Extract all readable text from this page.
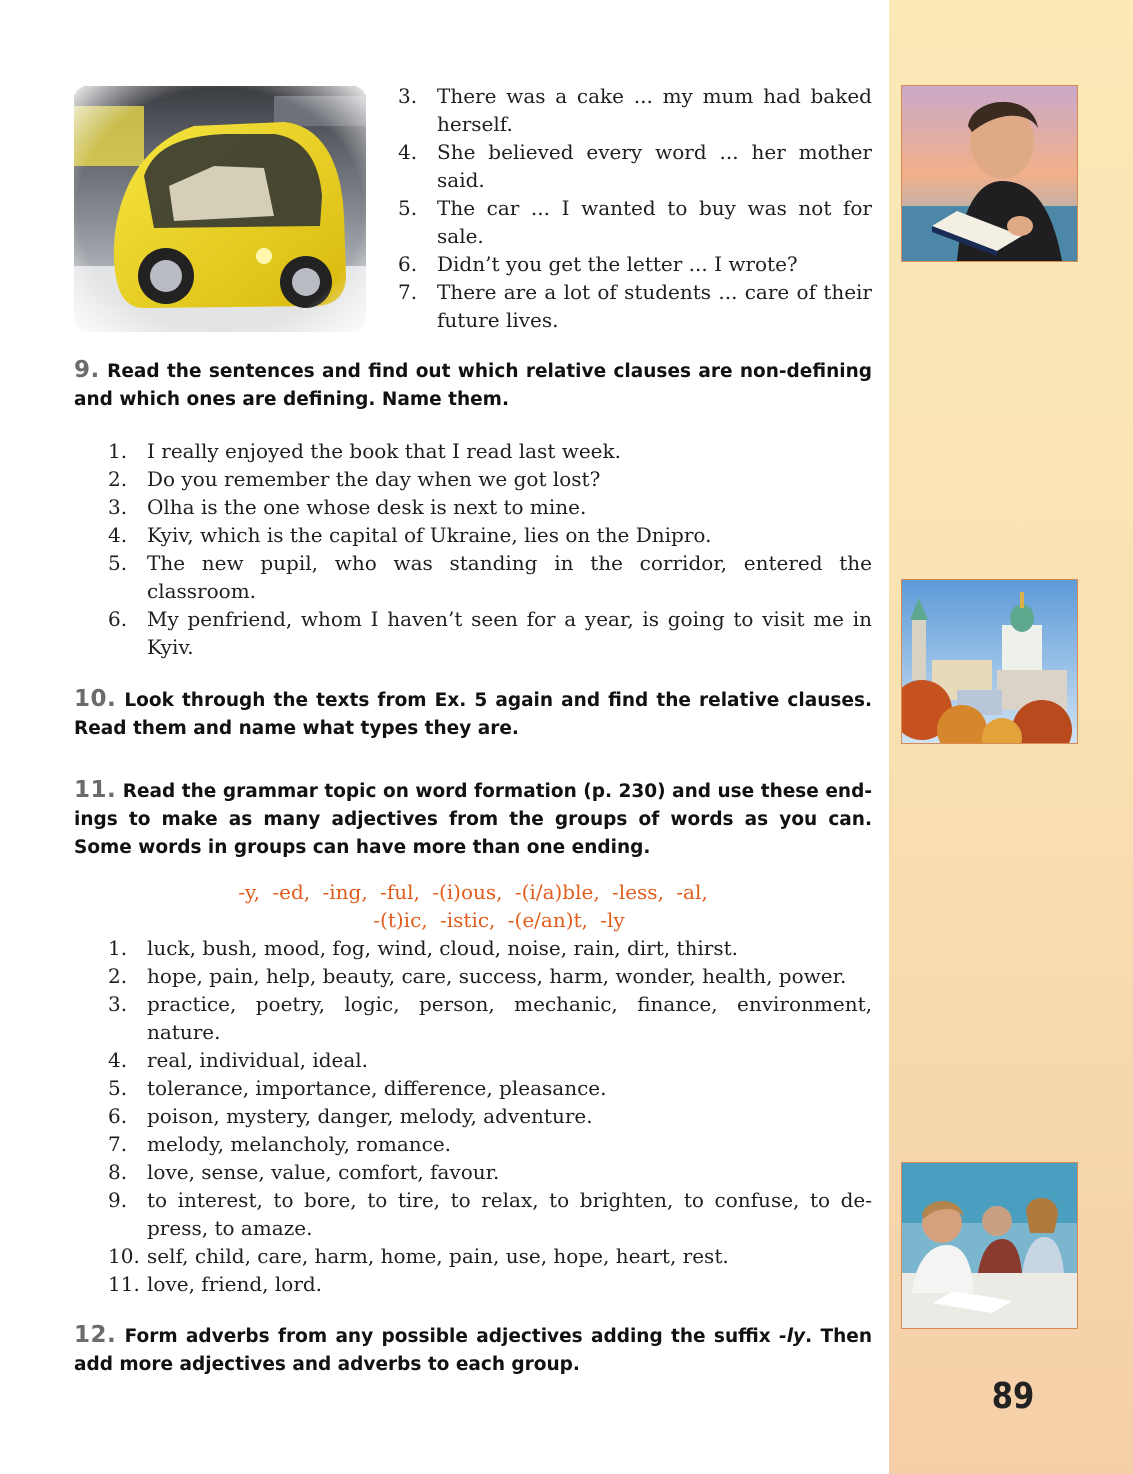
3. There was a cake ... my mum had baked herself.
4. She believed every word ... her mother said.
5. The car ... I wanted to buy was not for sale.
6. Didn’t you get the letter ... I wrote?
7. There are a lot of students ... care of their future lives.
9. Read the sentences and find out which relative clauses are non-defining and which ones are defining. Name them.
1. I really enjoyed the book that I read last week.
2. Do you remember the day when we got lost?
3. Olha is the one whose desk is next to mine.
4. Kyiv, which is the capital of Ukraine, lies on the Dnipro.
5. The new pupil, who was standing in the corridor, entered the classroom.
6. My penfriend, whom I haven’t seen for a year, is going to visit me in Kyiv.
10. Look through the texts from Ex. 5 again and find the relative clauses. Read them and name what types they are.
11. Read the grammar topic on word formation (p. 230) and use these end-ings to make as many adjectives from the groups of words as you can. Some words in groups can have more than one ending.
-y, -ed, -ing, -ful, -(i)ous, -(i/a)ble, -less, -al,
-(t)ic, -istic, -(e/an)t, -ly
1. luck, bush, mood, fog, wind, cloud, noise, rain, dirt, thirst.
2. hope, pain, help, beauty, care, success, harm, wonder, health, power.
3. practice, poetry, logic, person, mechanic, finance, environment, nature.
4. real, individual, ideal.
5. tolerance, importance, difference, pleasance.
6. poison, mystery, danger, melody, adventure.
7. melody, melancholy, romance.
8. love, sense, value, comfort, favour.
9. to interest, to bore, to tire, to relax, to brighten, to confuse, to de-press, to amaze.
10. self, child, care, harm, home, pain, use, hope, heart, rest.
11. love, friend, lord.
12. Form adverbs from any possible adjectives adding the suffix -ly. Then add more adjectives and adverbs to each group.
89
